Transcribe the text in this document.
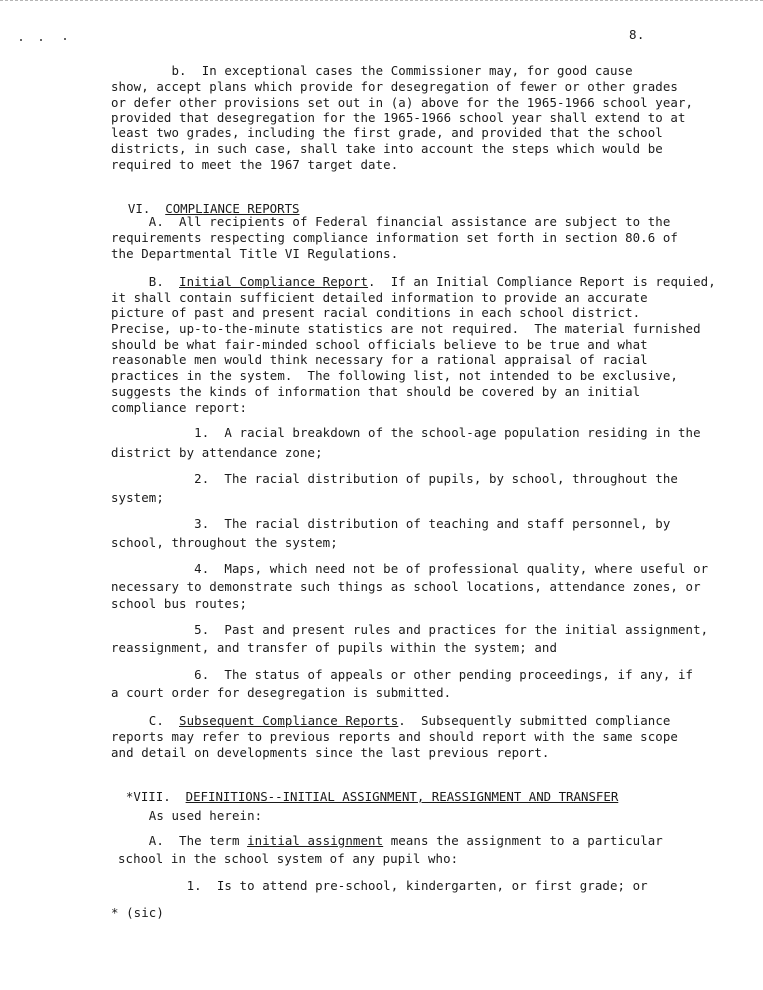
8.

b.  In exceptional cases the Commissioner may, for good cause

show, accept plans which provide for desegregation of fewer or other grades

or defer other provisions set out in (a) above for the 1965-1966 school year,

provided that desegregation for the 1965-1966 school year shall extend to at

least two grades, including the first grade, and provided that the school

districts, in such case, shall take into account the steps which would be

required to meet the 1967 target date.

VI. COMPLIANCE REPORTS

A.  All recipients of Federal financial assistance are subject to the

requirements respecting compliance information set forth in section 80.6 of

the Departmental Title VI Regulations.

B.  Initial Compliance Report.  If an Initial Compliance Report is requied,

it shall contain sufficient detailed information to provide an accurate

picture of past and present racial conditions in each school district.

Precise, up-to-the-minute statistics are not required.  The material furnished

should be what fair-minded school officials believe to be true and what

reasonable men would think necessary for a rational appraisal of racial

practices in the system.  The following list, not intended to be exclusive,

suggests the kinds of information that should be covered by an initial

compliance report:

1.  A racial breakdown of the school-age population residing in the

district by attendance zone;

2.  The racial distribution of pupils, by school, throughout the

system;

3.  The racial distribution of teaching and staff personnel, by

school, throughout the system;

4.  Maps, which need not be of professional quality, where useful or

necessary to demonstrate such things as school locations, attendance zones, or

school bus routes;

5.  Past and present rules and practices for the initial assignment,

reassignment, and transfer of pupils within the system; and

6.  The status of appeals or other pending proceedings, if any, if

a court order for desegregation is submitted.

C.  Subsequent Compliance Reports.  Subsequently submitted compliance

reports may refer to previous reports and should report with the same scope

and detail on developments since the last previous report.

*VIII. DEFINITIONS--INITIAL ASSIGNMENT, REASSIGNMENT AND TRANSFER

As used herein:

A.  The term initial assignment means the assignment to a particular

school in the school system of any pupil who:

1.  Is to attend pre-school, kindergarten, or first grade; or

* (sic)
